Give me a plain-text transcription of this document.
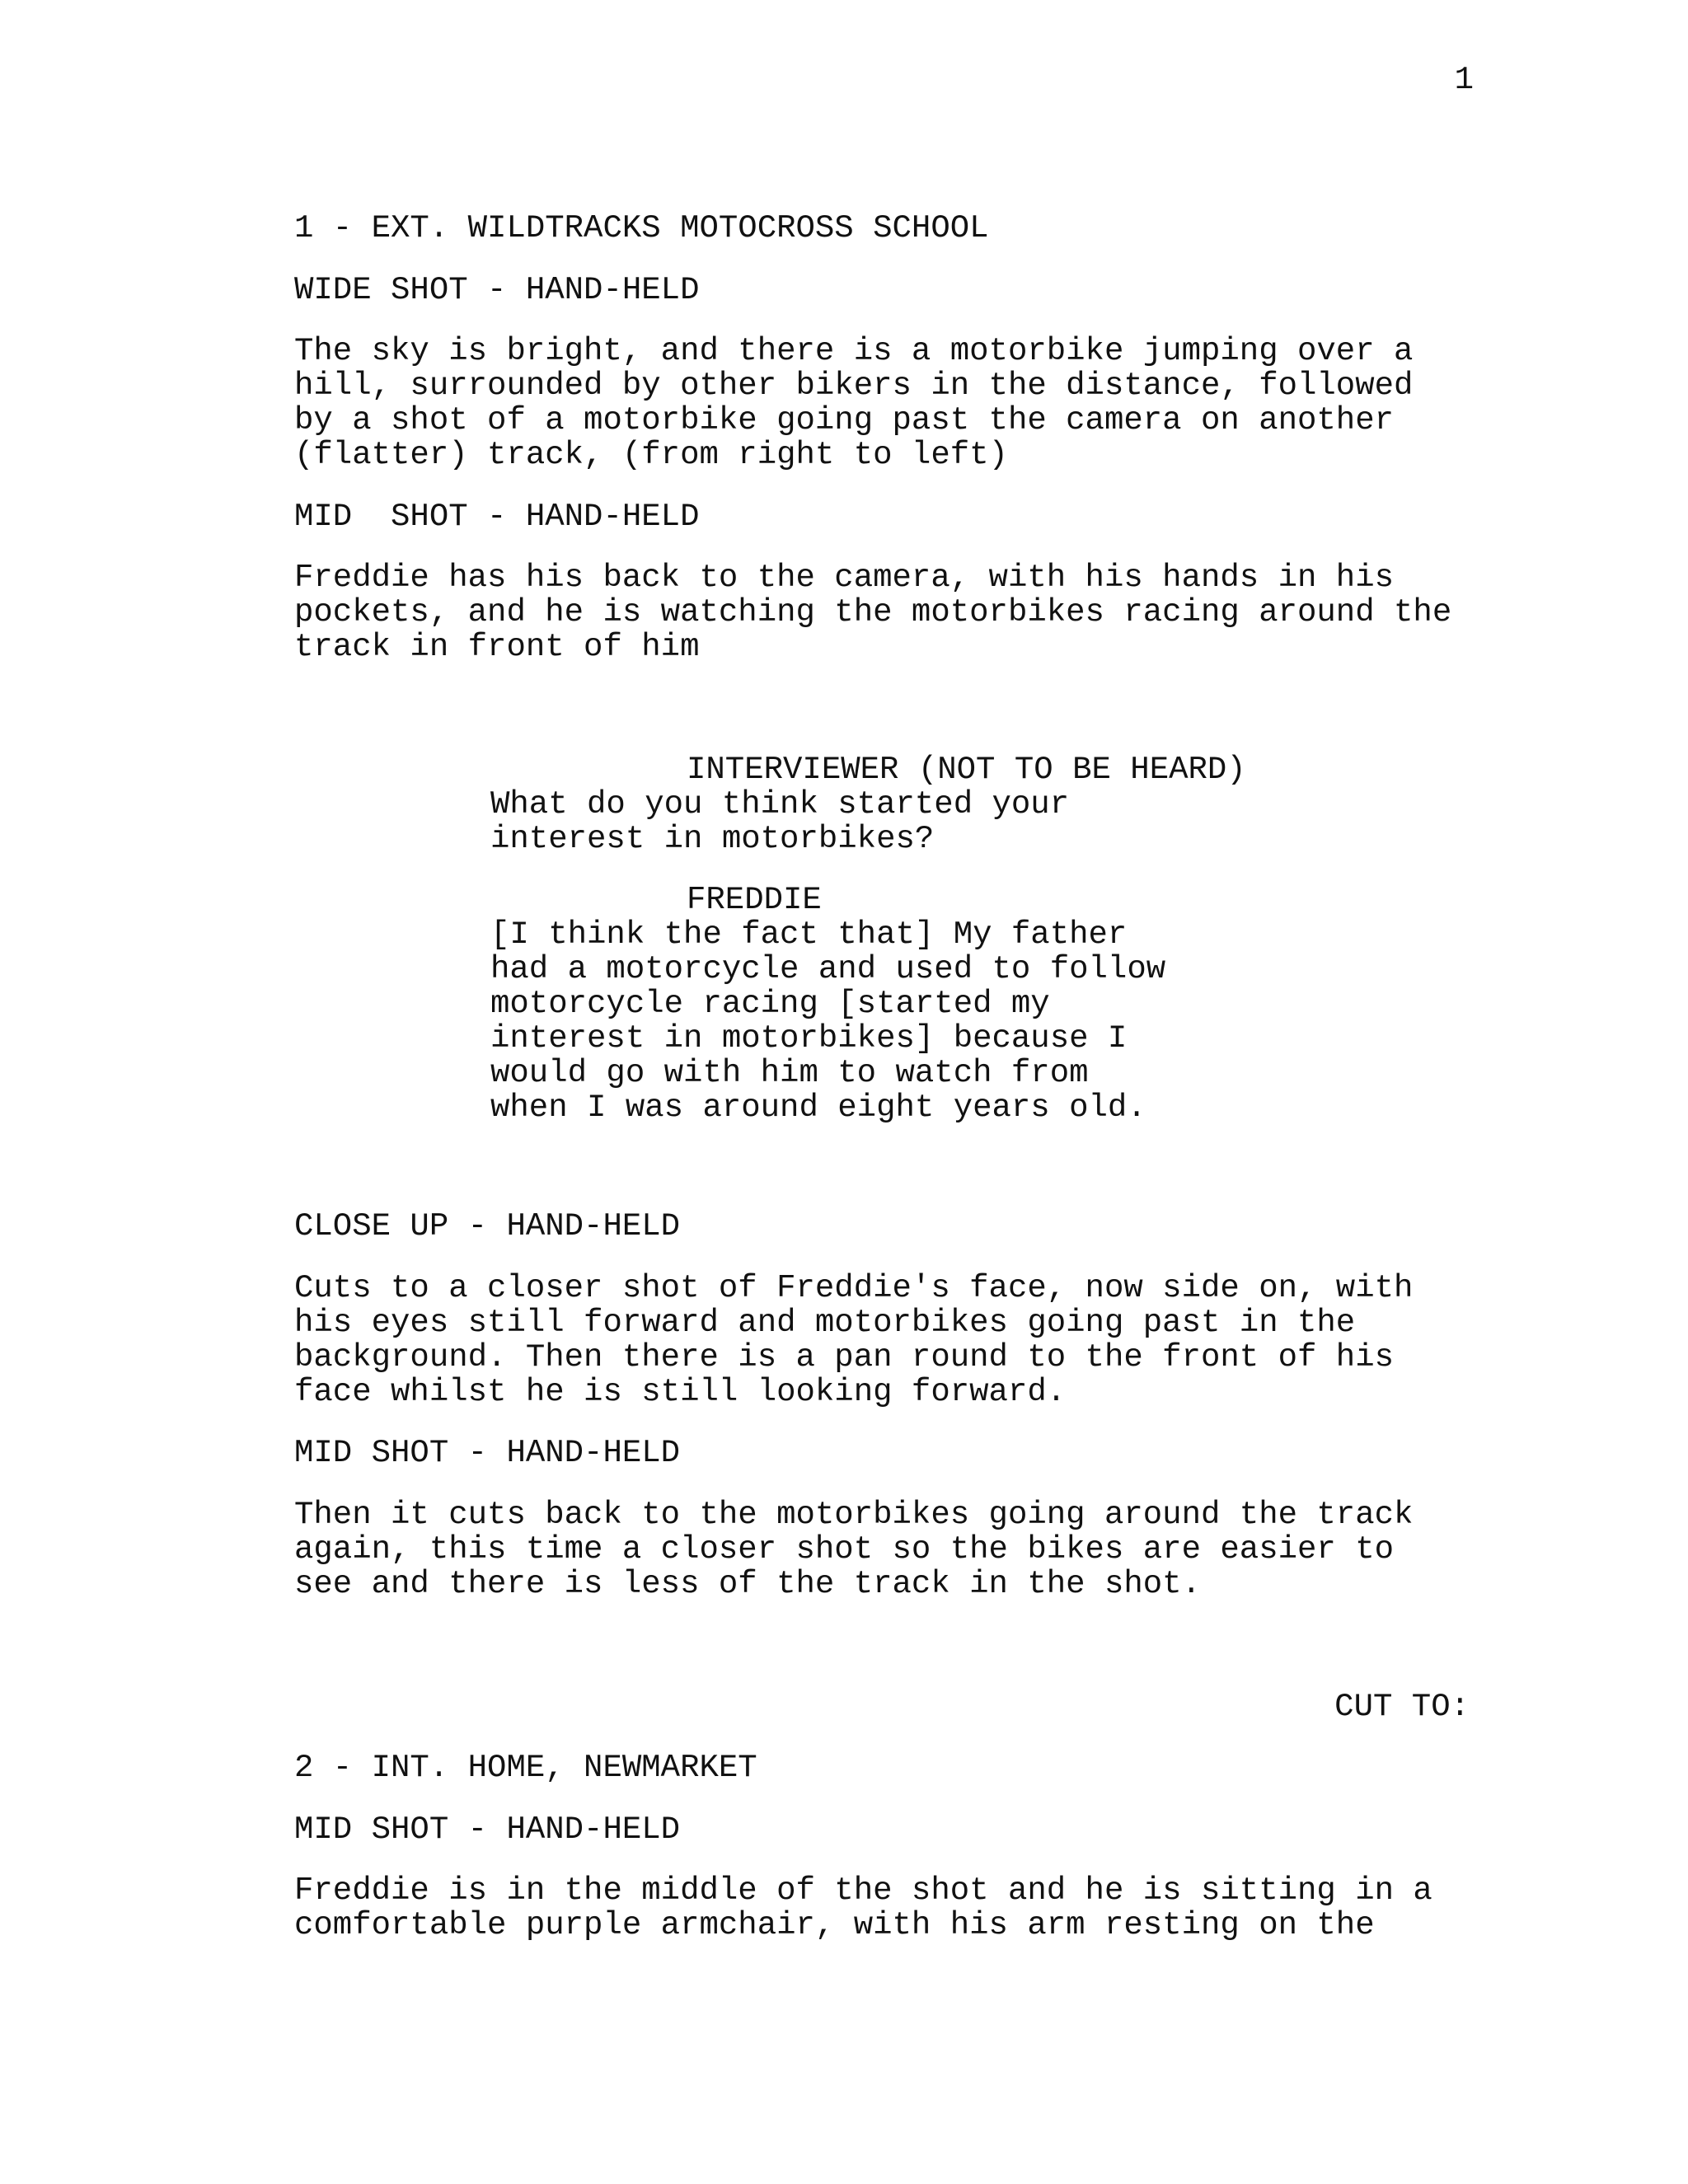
1
1 - EXT. WILDTRACKS MOTOCROSS SCHOOL
WIDE SHOT - HAND-HELD
The sky is bright, and there is a motorbike jumping over a
hill, surrounded by other bikers in the distance, followed
by a shot of a motorbike going past the camera on another
(flatter) track, (from right to left)
MID  SHOT - HAND-HELD
Freddie has his back to the camera, with his hands in his
pockets, and he is watching the motorbikes racing around the
track in front of him
INTERVIEWER (NOT TO BE HEARD)
What do you think started your
interest in motorbikes?
FREDDIE
[I think the fact that] My father
had a motorcycle and used to follow
motorcycle racing [started my
interest in motorbikes] because I
would go with him to watch from
when I was around eight years old.
CLOSE UP - HAND-HELD
Cuts to a closer shot of Freddie's face, now side on, with
his eyes still forward and motorbikes going past in the
background. Then there is a pan round to the front of his
face whilst he is still looking forward.
MID SHOT - HAND-HELD
Then it cuts back to the motorbikes going around the track
again, this time a closer shot so the bikes are easier to
see and there is less of the track in the shot.
CUT TO:
2 - INT. HOME, NEWMARKET
MID SHOT - HAND-HELD
Freddie is in the middle of the shot and he is sitting in a
comfortable purple armchair, with his arm resting on the
